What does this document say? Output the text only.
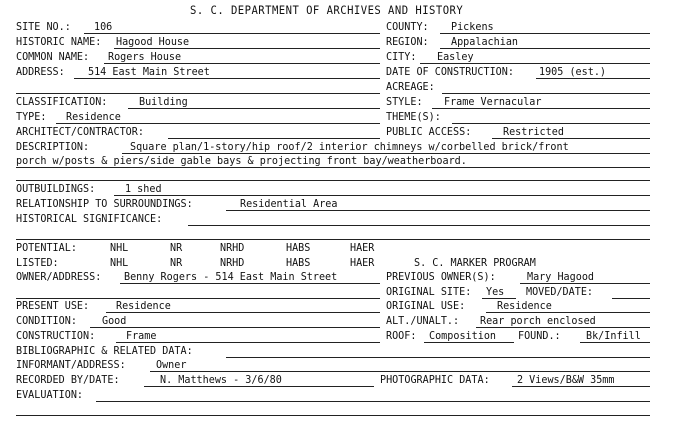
S. C. DEPARTMENT OF ARCHIVES AND HISTORY
SITE NO.: 106	COUNTY: Pickens
HISTORIC NAME: Hagood House	REGION: Appalachian
COMMON NAME: Rogers House	CITY: Easley
ADDRESS: 514 East Main Street	DATE OF CONSTRUCTION: 1905 (est.)
ACREAGE:
CLASSIFICATION:	Building	STYLE: Frame Vernacular
TYPE: Residence	THEME(S):
ARCHITECT/CONTRACTOR:	PUBLIC ACCESS:	Restricted
DESCRIPTION:	Square plan/1-story/hip roof/2 interior chimneys w/corbelled brick/front
porch w/posts & piers/side gable bays & projecting front bay/weatherboard.
OUTBUILDINGS:	1 shed
RELATIONSHIP TO SURROUNDINGS:	Residential Area
HISTORICAL SIGNIFICANCE:
POTENTIAL:	NHL	NR	NRHD	HABS	HAER
LISTED:	NHL	NR	NRHD	HABS	HAER	S. C. MARKER PROGRAM
OWNER/ADDRESS: Benny Rogers - 514 East Main Street	PREVIOUS OWNER(S):	Mary Hagood
ORIGINAL SITE: Yes MOVED/DATE:
PRESENT USE: Residence	ORIGINAL USE:	Residence
CONDITION: Good	ALT./UNALT.: Rear porch enclosed
CONSTRUCTION:	Frame	ROOF: Composition FOUND.: Bk/Infill
BIBLIOGRAPHIC & RELATED DATA:
INFORMANT/ADDRESS:	Owner
RECORDED BY/DATE:	N. Matthews - 3/6/80	PHOTOGRAPHIC DATA: 2 Views/B&W 35mm
EVALUATION:
